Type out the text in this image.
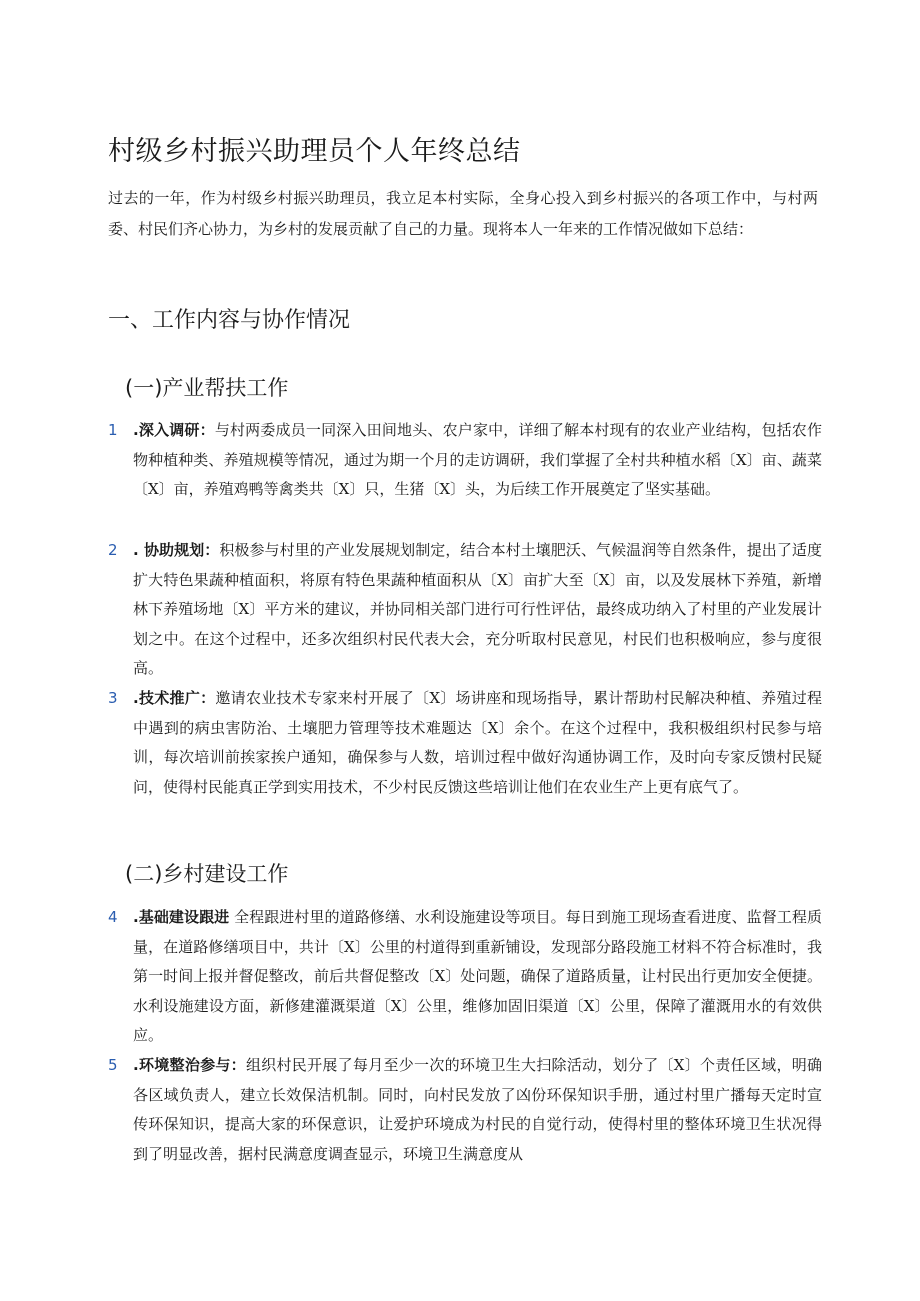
村级乡村振兴助理员个人年终总结

过去的一年，作为村级乡村振兴助理员，我立足本村实际，全身心投入到乡村振兴的各项工作中，与村两委、村民们齐心协力，为乡村的发展贡献了自己的力量。现将本人一年来的工作情况做如下总结：

一、工作内容与协作情况
(一)产业帮扶工作
1 .深入调研：与村两委成员一同深入田间地头、农户家中，详细了解本村现有的农业产业结构，包括农作物种植种类、养殖规模等情况，通过为期一个月的走访调研，我们掌握了全村共种植水稻〔X〕亩、蔬菜〔X〕亩，养殖鸡鸭等禽类共〔X〕只，生猪〔X〕头，为后续工作开展奠定了坚实基础。

2 . 协助规划：积极参与村里的产业发展规划制定，结合本村土壤肥沃、气候温润等自然条件，提出了适度扩大特色果蔬种植面积，将原有特色果蔬种植面积从〔X〕亩扩大至〔X〕亩，以及发展林下养殖，新增林下养殖场地〔X〕平方米的建议，并协同相关部门进行可行性评估，最终成功纳入了村里的产业发展计划之中。在这个过程中，还多次组织村民代表大会，充分听取村民意见，村民们也积极响应，参与度很高。

3 .技术推广：邀请农业技术专家来村开展了〔X〕场讲座和现场指导，累计帮助村民解决种植、养殖过程中遇到的病虫害防治、土壤肥力管理等技术难题达〔X〕余个。在这个过程中，我积极组织村民参与培训，每次培训前挨家挨户通知，确保参与人数，培训过程中做好沟通协调工作，及时向专家反馈村民疑问，使得村民能真正学到实用技术，不少村民反馈这些培训让他们在农业生产上更有底气了。

(二)乡村建设工作
4 .基础建设跟进 全程跟进村里的道路修缮、水利设施建设等项目。每日到施工现场查看进度、监督工程质量，在道路修缮项目中，共计〔X〕公里的村道得到重新铺设，发现部分路段施工材料不符合标准时，我第一时间上报并督促整改，前后共督促整改〔X〕处问题，确保了道路质量，让村民出行更加安全便捷。水利设施建设方面，新修建灌溉渠道〔X〕公里，维修加固旧渠道〔X〕公里，保障了灌溉用水的有效供应。

5 .环境整治参与：组织村民开展了每月至少一次的环境卫生大扫除活动，划分了〔X〕个责任区域，明确各区域负责人，建立长效保洁机制。同时，向村民发放了凶份环保知识手册，通过村里广播每天定时宣传环保知识，提高大家的环保意识，让爱护环境成为村民的自觉行动，使得村里的整体环境卫生状况得到了明显改善，据村民满意度调查显示，环境卫生满意度从
